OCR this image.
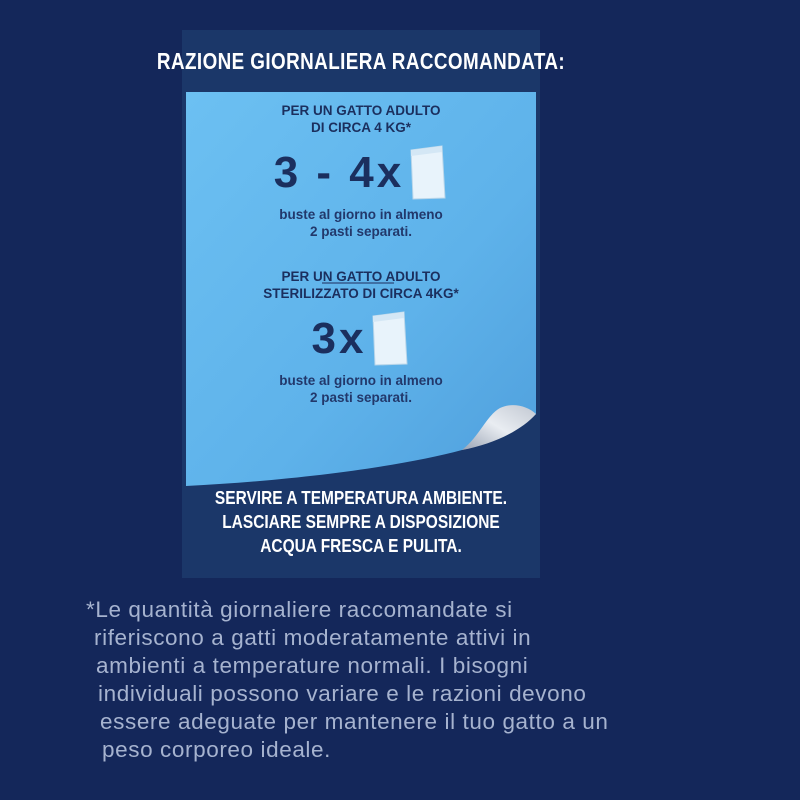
RAZIONE GIORNALIERA RACCOMANDATA:
PER UN GATTO ADULTO
DI CIRCA 4 KG*
3 - 4x
buste al giorno in almeno
2 pasti separati.
PER UN GATTO ADULTO
STERILIZZATO DI CIRCA 4KG*
3x
buste al giorno in almeno
2 pasti separati.
SERVIRE A TEMPERATURA AMBIENTE.
LASCIARE SEMPRE A DISPOSIZIONE
ACQUA FRESCA E PULITA.
*Le quantità giornaliere raccomandate si
riferiscono a gatti moderatamente attivi in
ambienti a temperature normali. I bisogni
individuali possono variare e le razioni devono
essere adeguate per mantenere il tuo gatto a un
peso corporeo ideale.
